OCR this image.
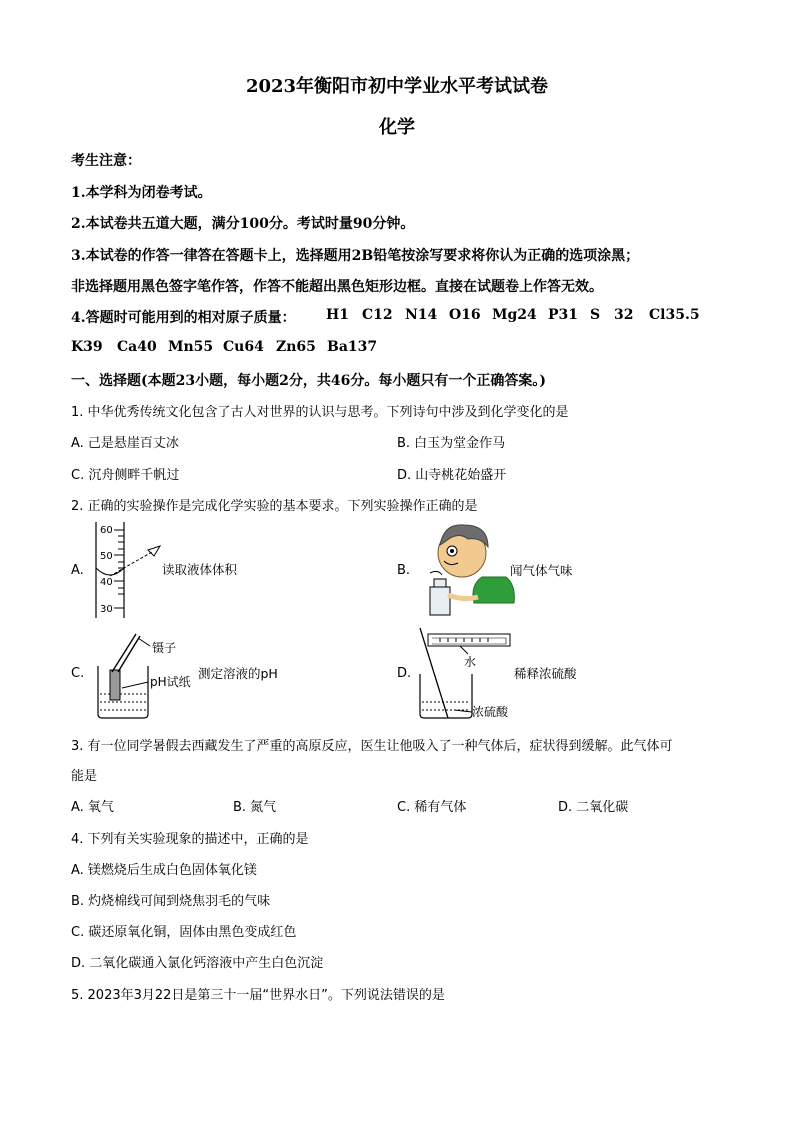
2023年衡阳市初中学业水平考试试卷
化学
考生注意：
1.本学科为闭卷考试。
2.本试卷共五道大题，满分100分。考试时量90分钟。
3.本试卷的作答一律答在答题卡上，选择题用2B铅笔按涂写要求将你认为正确的选项涂黑；
非选择题用黑色签字笔作答，作答不能超出黑色矩形边框。直接在试题卷上作答无效。
4.答题时可能用到的相对原子质量： H1 C12 N14 O16 Mg24 P31 S 32 Cl35.5
K39 Ca40 Mn55 Cu64 Zn65 Ba137
一、选择题(本题23小题，每小题2分，共46分。每小题只有一个正确答案。)
1. 中华优秀传统文化包含了古人对世界的认识与思考。下列诗句中涉及到化学变化的是
A. 己是悬崖百丈冰	B. 白玉为堂金作马
C. 沉舟侧畔千帆过	D. 山寺桃花始盛开
2. 正确的实验操作是完成化学实验的基本要求。下列实验操作正确的是
A.
60
50
40
30
读取液体体积	B.	闻气体气味
C.
镊子
pH试纸
测定溶液的pH	D.
水
浓硫酸
稀释浓硫酸
3. 有一位同学暑假去西藏发生了严重的高原反应，医生让他吸入了一种气体后，症状得到缓解。此气体可
能是
A. 氧气	B. 氮气	C. 稀有气体	D. 二氧化碳
4. 下列有关实验现象的描述中，正确的是
A. 镁燃烧后生成白色固体氧化镁
B. 灼烧棉线可闻到烧焦羽毛的气味
C. 碳还原氧化铜，固体由黑色变成红色
D. 二氧化碳通入氯化钙溶液中产生白色沉淀
5. 2023年3月22日是第三十一届“世界水日”。下列说法错误的是
